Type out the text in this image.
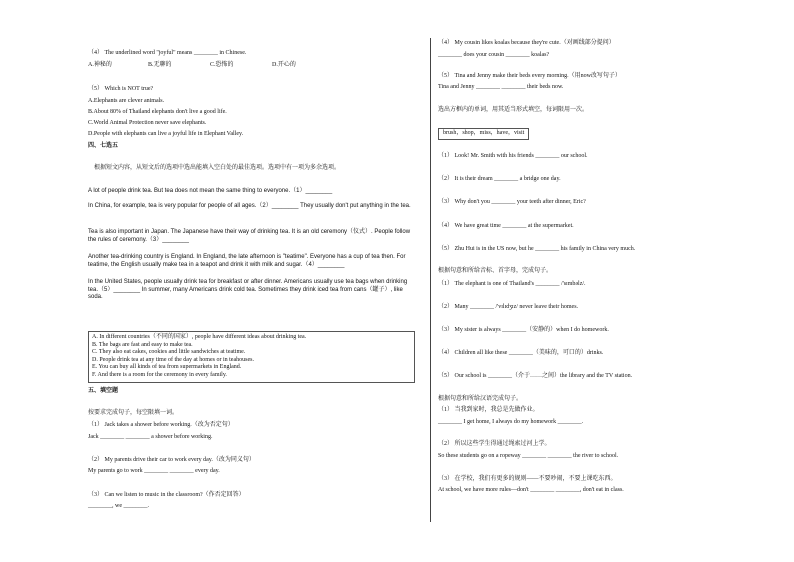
（4） The underlined word "joyful" means ________ in Chinese.
A.神秘的	B.无聊的	C.恐怖的	D.开心的
（5） Which is NOT true?
A.Elephants are clever animals.
B.About 80% of Thailand elephants don't live a good life.
C.World Animal Protection never save elephants.
D.People with elephants can live a joyful life in Elephant Valley.
四、七选五
根据短文内容，从短文后的选项中选出能填入空白处的最佳选项。选项中有一项为多余选项。
A lot of people drink tea. But tea does not mean the same thing to everyone.（1）________
In China, for example, tea is very popular for people of all ages.（2）________ They usually don't put anything in the tea.
Tea is also important in Japan. The Japanese have their way of drinking tea. It is an old ceremony（仪式）. People follow the rules of ceremony.（3）________
Another tea-drinking country is England. In England, the late afternoon is "teatime". Everyone has a cup of tea then. For teatime, the English usually make tea in a teapot and drink it with milk and sugar.（4）________
In the United States, people usually drink tea for breakfast or after dinner. Americans usually use tea bags when drinking tea.（5）________ In summer, many Americans drink cold tea. Sometimes they drink iced tea from cans（罐子）, like soda.
A. In different countries（不同的国家）, people have different ideas about drinking tea.
B. The bags are fast and easy to make tea.
C. They also eat cakes, cookies and little sandwiches at teatime.
D. People drink tea at any time of the day at homes or in teahouses.
E. You can buy all kinds of tea from supermarkets in England.
F. And there is a room for the ceremony in every family.
五、填空题
按要求完成句子，每空限填一词。
（1） Jack takes a shower before working.（改为否定句）
Jack ________ ________ a shower before working.
（2） My parents drive their car to work every day.（改为同义句）
My parents go to work ________ ________ every day.
（3） Can we listen to music in the classroom?（作否定回答）
________, we ________.
（4） My cousin likes koalas because they're cute.（对画线部分提问）
________ does your cousin ________ koalas?
（5） Tina and Jenny make their beds every morning.（用now改写句子）
Tina and Jenny ________ ________ their beds now.
选出方框内的单词，用其适当形式填空，每词限用一次。
brush，shop，miss，have，visit
（1） Look! Mr. Smith with his friends ________ our school.
（2） It is their dream ________ a bridge one day.
（3） Why don't you ________ your teeth after dinner, Eric?
（4） We have great time ________ at the supermarket.
（5） Zhu Hui is in the US now, but he ________ his family in China very much.
根据句意和所给音标、首字母，完成句子。
（1） The elephant is one of Thailand's ________ /'sɪmbəlz/.
（2） Many ________ /'vɪlɪdʒɪz/ never leave their homes.
（3） My sister is always ________（安静的）when I do homework.
（4） Children all like these ________（美味的，可口的）drinks.
（5） Our school is ________（介于……之间）the library and the TV station.
根据句意和所给汉语完成句子。
（1） 当我到家时，我总是先做作业。
________ I get home, I always do my homework ________.
（2） 所以这些学生得通过绳索过河上学。
So these students go on a ropeway ________ ________ the river to school.
（3） 在学校，我们有更多的规则——不要吵闹，不要上课吃东西。
At school, we have more rules—don't ________ ________, don't eat in class.
